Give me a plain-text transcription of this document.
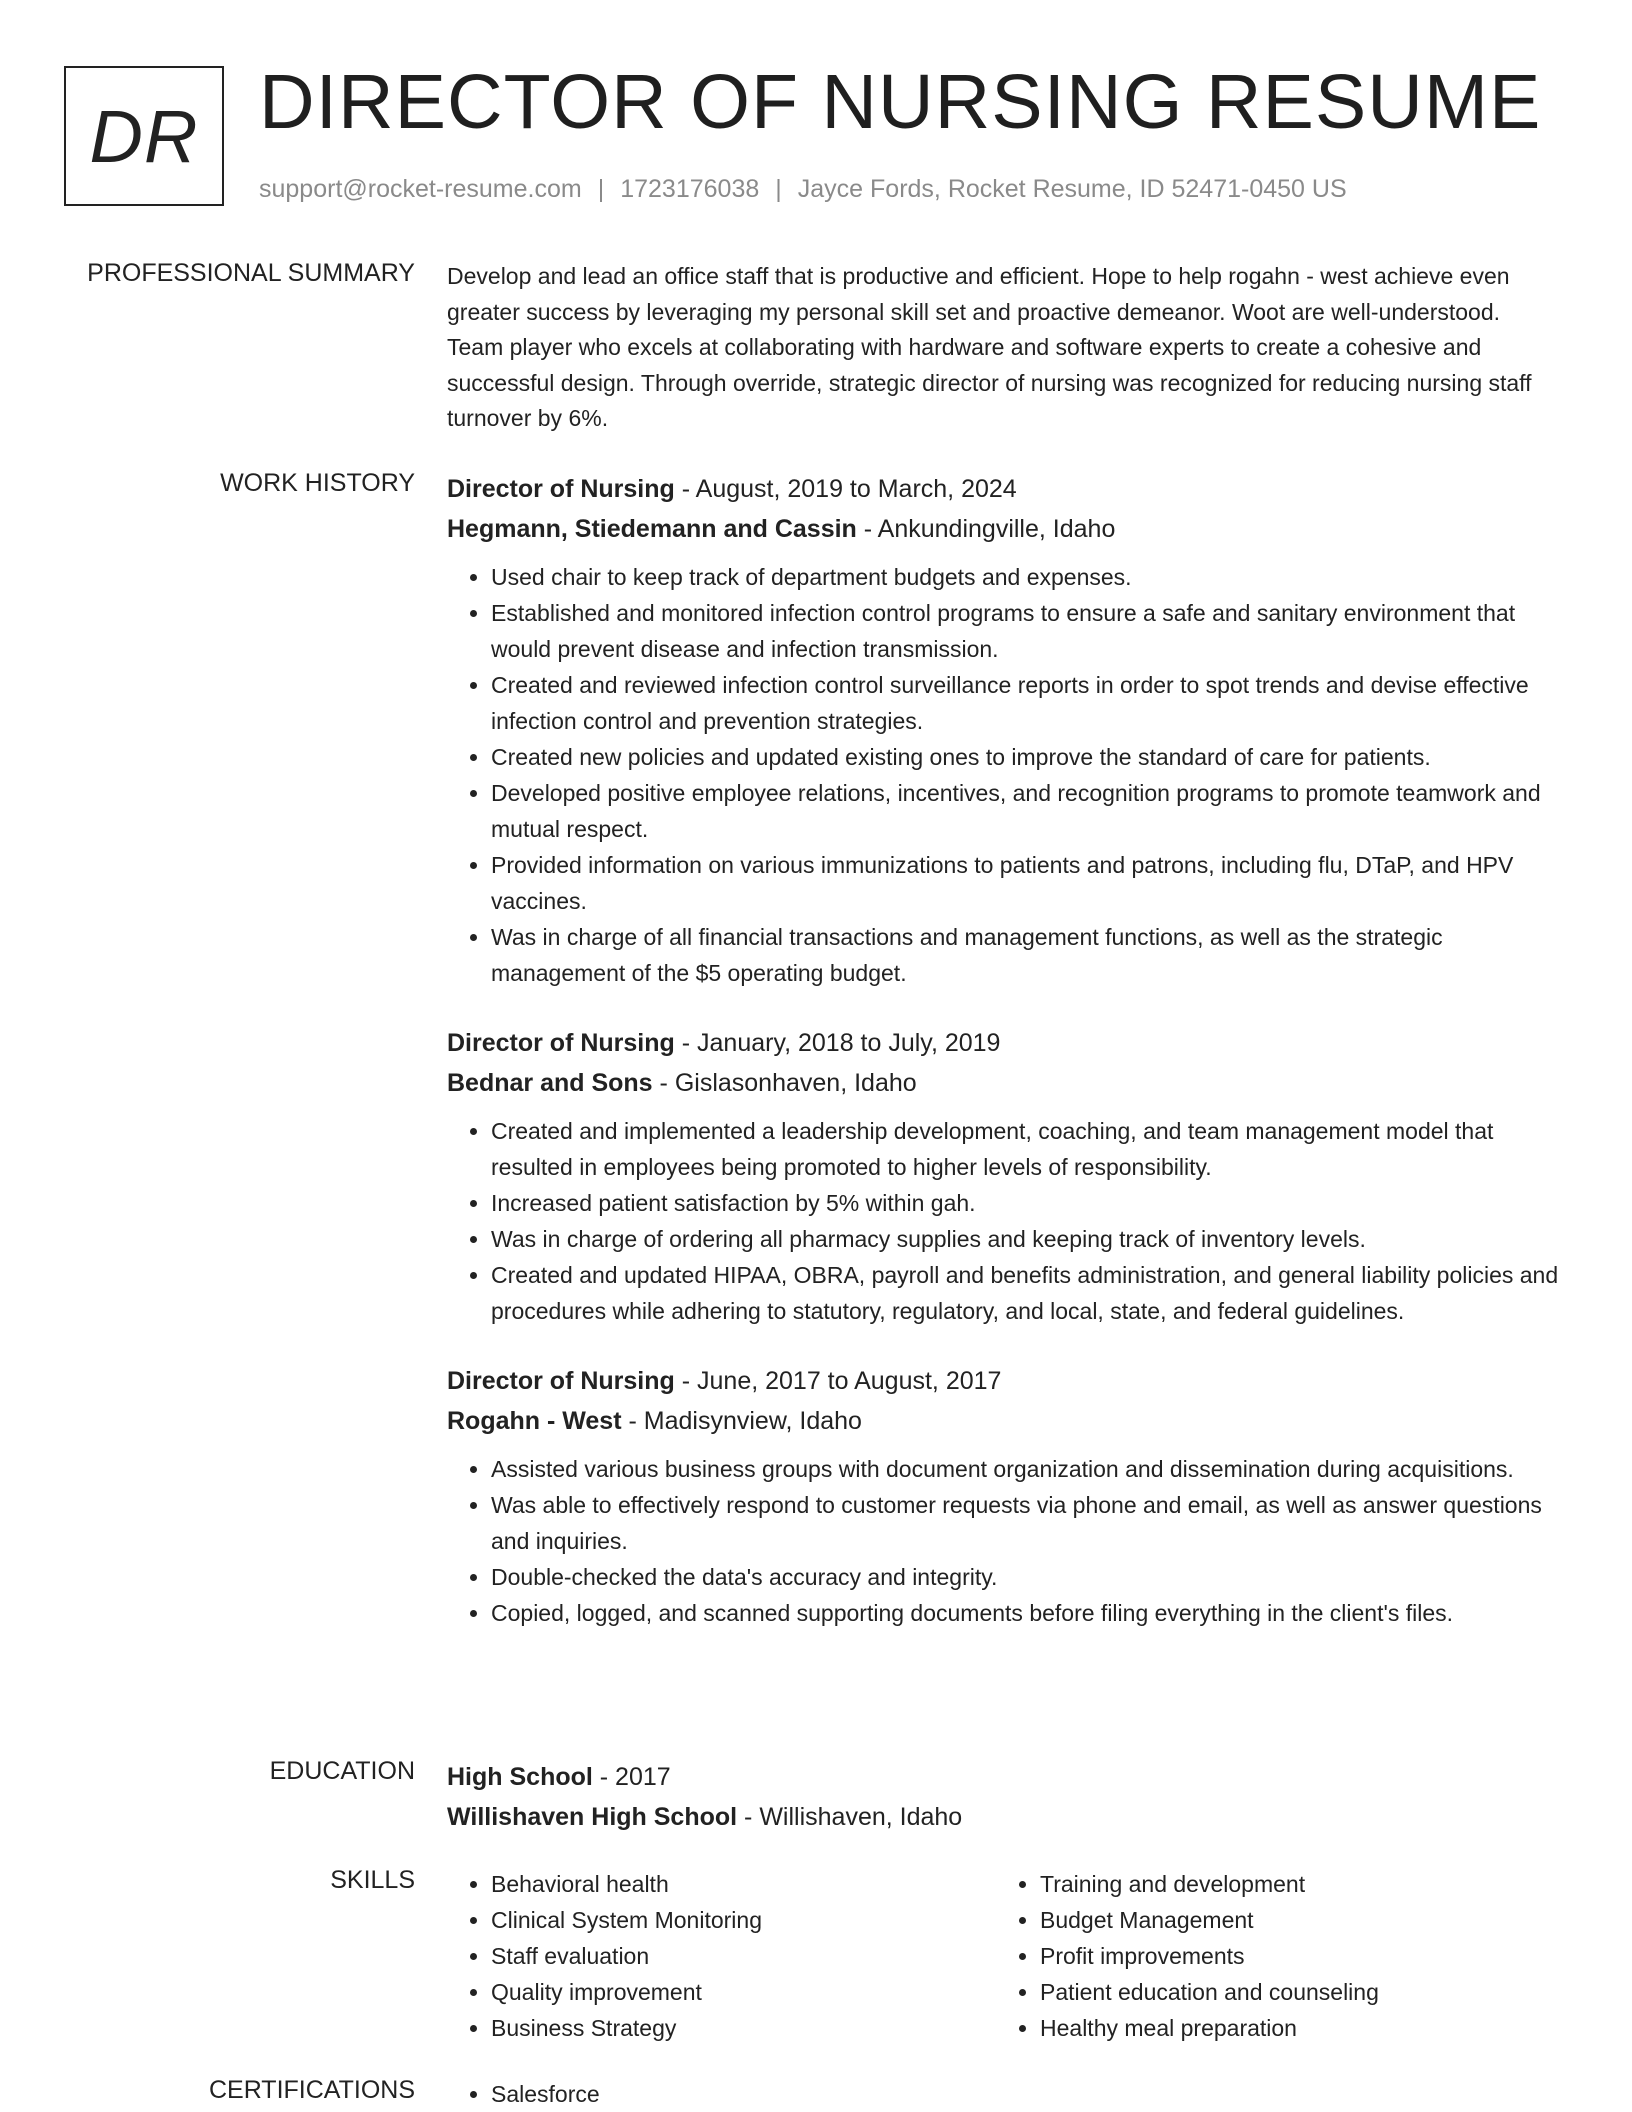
DR DIRECTOR OF NURSING RESUME
support@rocket-resume.com | 1723176038 | Jayce Fords, Rocket Resume, ID 52471-0450 US
PROFESSIONAL SUMMARY Develop and lead an office staff that is productive and efficient. Hope to help rogahn - west achieve even greater success by leveraging my personal skill set and proactive demeanor. Woot are well-understood. Team player who excels at collaborating with hardware and software experts to create a cohesive and successful design. Through override, strategic director of nursing was recognized for reducing nursing staff turnover by 6%.
WORK HISTORY Director of Nursing - August, 2019 to March, 2024
Hegmann, Stiedemann and Cassin - Ankundingville, Idaho
• Used chair to keep track of department budgets and expenses.
• Established and monitored infection control programs to ensure a safe and sanitary environment that would prevent disease and infection transmission.
• Created and reviewed infection control surveillance reports in order to spot trends and devise effective infection control and prevention strategies.
• Created new policies and updated existing ones to improve the standard of care for patients.
• Developed positive employee relations, incentives, and recognition programs to promote teamwork and mutual respect.
• Provided information on various immunizations to patients and patrons, including flu, DTaP, and HPV vaccines.
• Was in charge of all financial transactions and management functions, as well as the strategic management of the $5 operating budget.
Director of Nursing - January, 2018 to July, 2019
Bednar and Sons - Gislasonhaven, Idaho
• Created and implemented a leadership development, coaching, and team management model that resulted in employees being promoted to higher levels of responsibility.
• Increased patient satisfaction by 5% within gah.
• Was in charge of ordering all pharmacy supplies and keeping track of inventory levels.
• Created and updated HIPAA, OBRA, payroll and benefits administration, and general liability policies and procedures while adhering to statutory, regulatory, and local, state, and federal guidelines.
Director of Nursing - June, 2017 to August, 2017
Rogahn - West - Madisynview, Idaho
• Assisted various business groups with document organization and dissemination during acquisitions.
• Was able to effectively respond to customer requests via phone and email, as well as answer questions and inquiries.
• Double-checked the data's accuracy and integrity.
• Copied, logged, and scanned supporting documents before filing everything in the client's files.
EDUCATION High School - 2017
Willishaven High School - Willishaven, Idaho
SKILLS	• Behavioral health
• Clinical System Monitoring
• Staff evaluation
• Quality improvement
• Business Strategy
• Training and development
• Budget Management
• Profit improvements
• Patient education and counseling
• Healthy meal preparation
CERTIFICATIONS	• Salesforce
